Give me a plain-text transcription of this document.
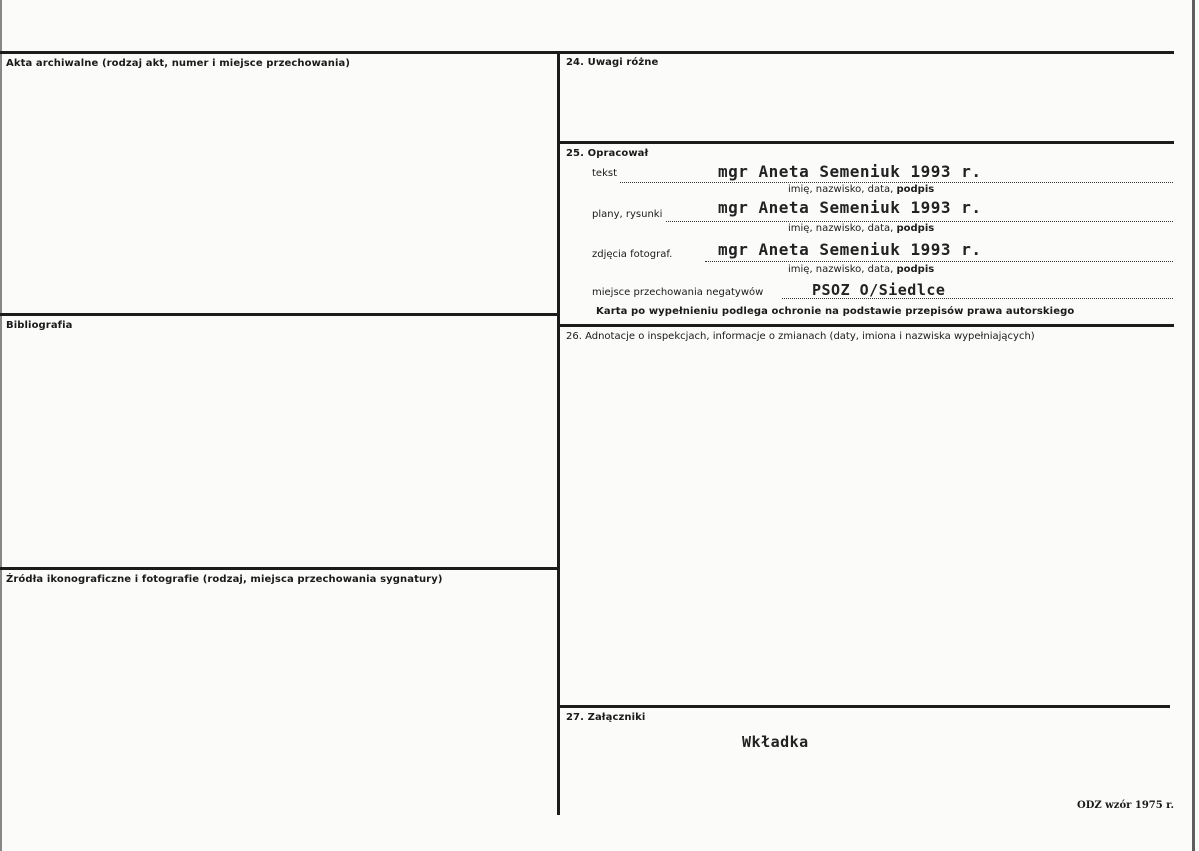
Akta archiwalne (rodzaj akt, numer i miejsce przechowania)
Bibliografia
Źródła ikonograficzne i fotografie (rodzaj, miejsca przechowania sygnatury)
24. Uwagi różne
25. Opracował
tekst	mgr Aneta Semeniuk 1993 r.
imię, nazwisko, data, podpis
plany, rysunki	mgr Aneta Semeniuk 1993 r.
imię, nazwisko, data, podpis
zdjęcia fotograf.	mgr Aneta Semeniuk 1993 r.
imię, nazwisko, data, podpis
miejsce przechowania negatywów	PSOZ O/Siedlce
Karta po wypełnieniu podlega ochronie na podstawie przepisów prawa autorskiego
26. Adnotacje o inspekcjach, informacje o zmianach (daty, imiona i nazwiska wypełniających)
27. Załączniki
Wkładka
ODZ wzór 1975 r.
